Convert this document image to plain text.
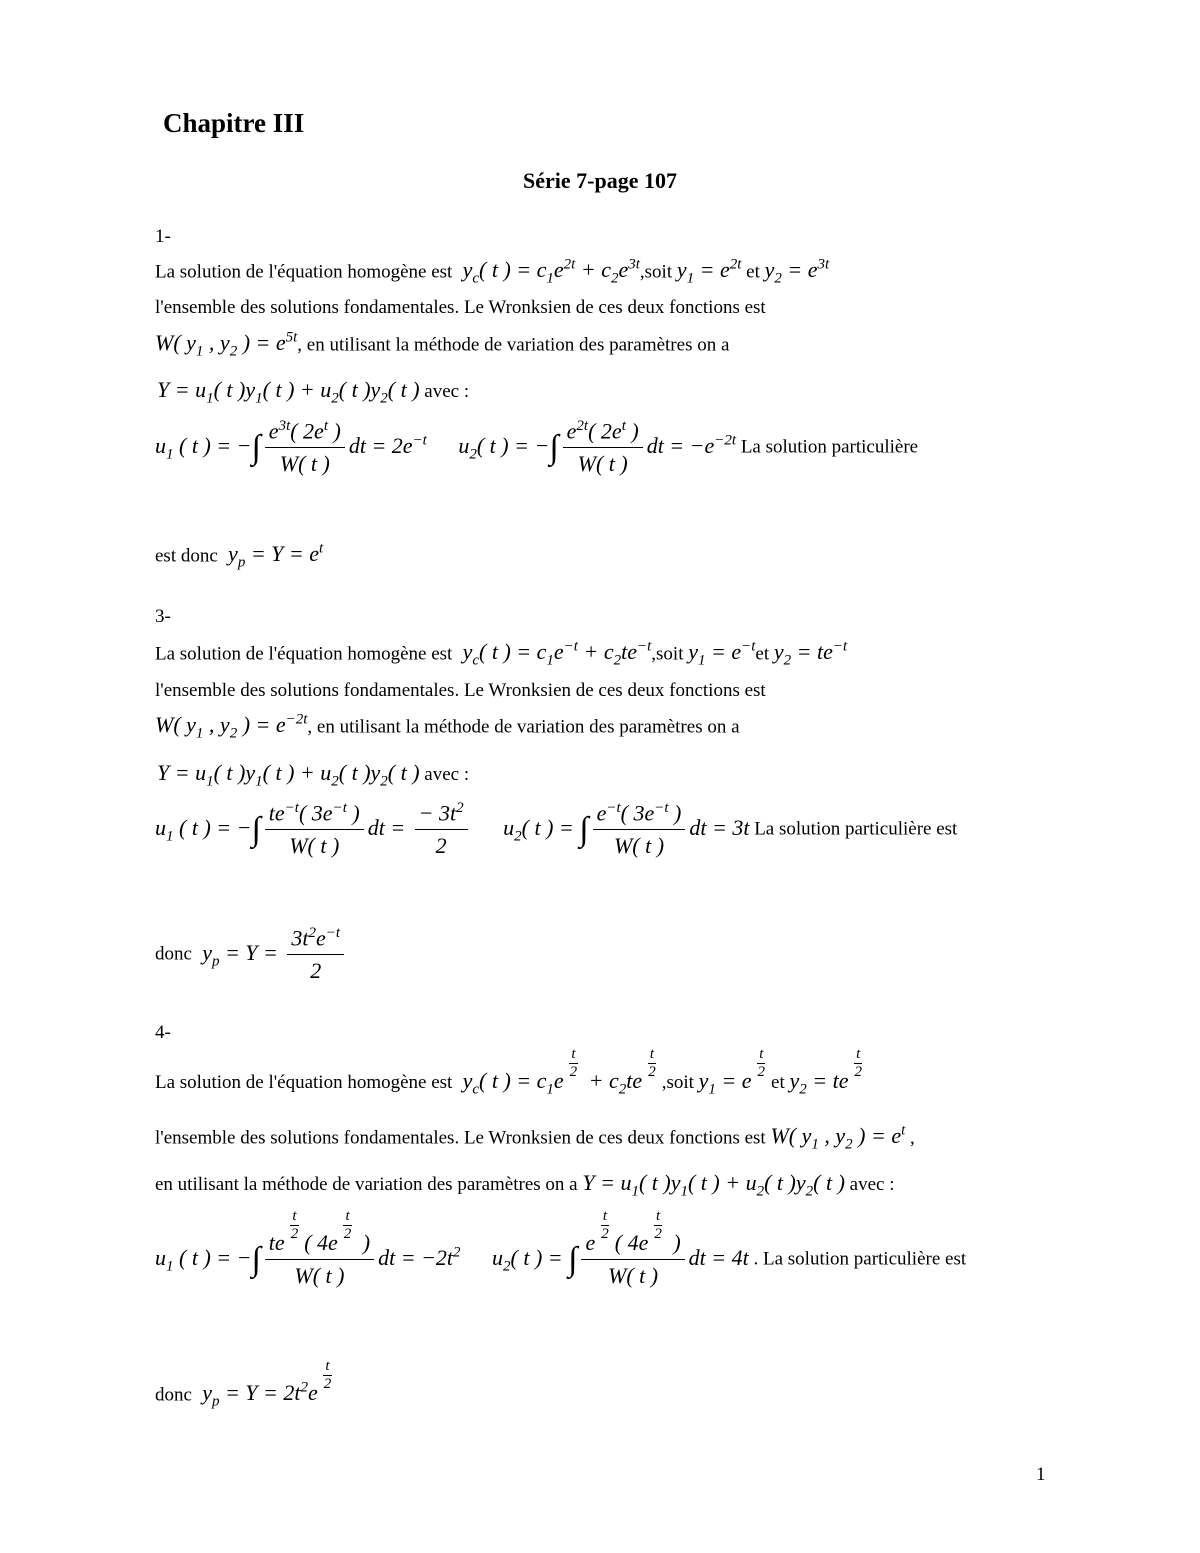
Chapitre III
Série 7-page 107
1-
La solution de l'équation homogène est  $y_c$( t ) = $c_1e^{2t}$ + $c_2e^{3t},soit$ $y_1 = e^{2t}$ et $y_2 = e^{3t}$
l'ensemble des solutions fondamentales. Le Wronksien de ces deux fonctions est
W( $y_1$ , $y_2$ ) = $e^{5t}$, en utilisant la méthode de variation des paramètres on a
$Y = u_1$( t )$y_1$( t ) + $u_2$( t )$y_2$( t ) avec :
$u_1$ ( t ) = −∫ $\frac{e^{3t}( 2e^t )}{W( t )}$ dt = $2e^{-t}$ $u_2$( t ) = −∫ $\frac{e^{2t}( 2e^t )}{W( t )}$ dt = $-e^{-2t}$ La solution particulière
est donc  $y_p = Y = e^t$
3-
La solution de l'équation homogène est  $y_c$( t ) = $c_1e^{-t}$ + $c_2te^{-t},soit$ $y_1 = e^{-t}et$ $y_2 = te^{-t}$
l'ensemble des solutions fondamentales. Le Wronksien de ces deux fonctions est
W( $y_1$ , $y_2$ ) = $e^{-2t}$, en utilisant la méthode de variation des paramètres on a
$Y = u_1$( t )$y_1$( t ) + $u_2$( t )$y_2$( t ) avec :
$u_1$ ( t ) = −∫ $\frac{te^{-t}( 3e^{-t} )}{W( t )}$ dt = $\frac{- 3t^2}{2} u_2$( t ) = ∫ $\frac{e^{-t}( 3e^{-t} )}{W( t )}$ dt = 3t La solution particulière est
donc  $y_p = Y = \frac{3t^2e^{-t}}{2}$
4-
La solution de l'équation homogène est  $y_c$( t ) = $c_1e \frac{t}{2} + c_2te \frac{t}{2}$
,soit $y_1 = e \frac{t}{2}$
et $y_2$ = te $\frac{t}{2}$
l'ensemble des solutions fondamentales. Le Wronksien de ces deux fonctions est W( $y_1$ , $y_2$ ) = $e^t$ ,
en utilisant la méthode de variation des paramètres on a $Y = u_1$( t )$y_1$( t ) + $u_2$( t )$y_2$( t ) avec :
$u_1$ ( t ) = −∫ $\frac{te \frac{t}{2} ( 4e \frac{t}{2} )}{W( t )}$ dt = $-2t^2$ $u_2$( t ) = ∫ $\frac{e \frac{t}{2} ( 4e \frac{t}{2} )}{W( t )}$ dt = 4t . La solution particulière est
donc  $y_p = Y = 2t^2e \frac{t}{2}$
1
